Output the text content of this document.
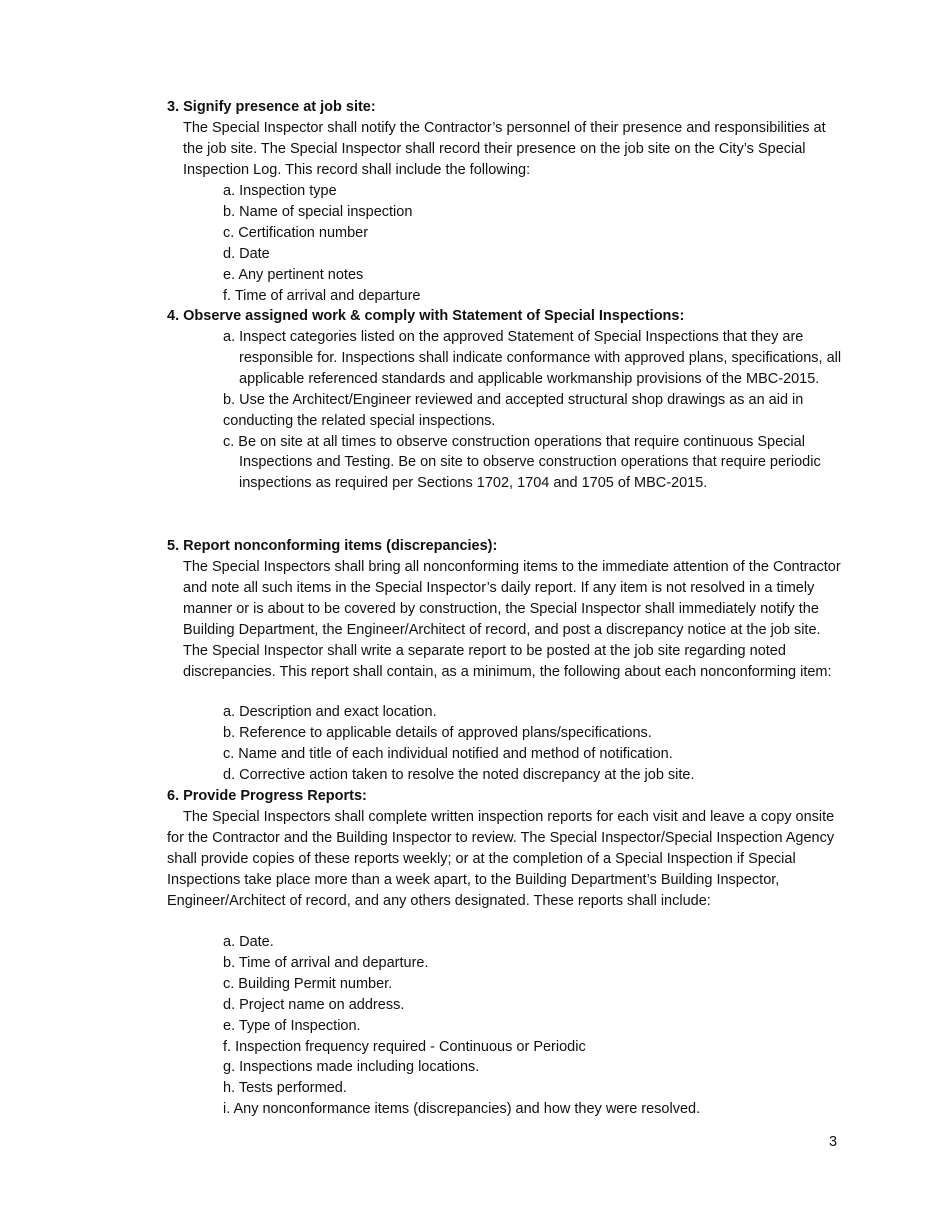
3. Signify presence at job site:

The Special Inspector shall notify the Contractor’s personnel of their presence and responsibilities at the job site. The Special Inspector shall record their presence on the job site on the City’s Special Inspection Log. This record shall include the following:

a. Inspection type
b. Name of special inspection
c. Certification number
d. Date
e. Any pertinent notes
f. Time of arrival and departure
4. Observe assigned work & comply with Statement of Special Inspections:
a. Inspect categories listed on the approved Statement of Special Inspections that they are responsible for. Inspections shall indicate conformance with approved plans, specifications, all applicable referenced standards and applicable workmanship provisions of the MBC-2015.
b. Use the Architect/Engineer reviewed and accepted structural shop drawings as an aid in conducting the related special inspections.
c. Be on site at all times to observe construction operations that require continuous Special Inspections and Testing. Be on site to observe construction operations that require periodic inspections as required per Sections 1702, 1704 and 1705 of MBC-2015.
5. Report nonconforming items (discrepancies):

The Special Inspectors shall bring all nonconforming items to the immediate attention of the Contractor and note all such items in the Special Inspector’s daily report. If any item is not resolved in a timely manner or is about to be covered by construction, the Special Inspector shall immediately notify the Building Department, the Engineer/Architect of record, and post a discrepancy notice at the job site. The Special Inspector shall write a separate report to be posted at the job site regarding noted discrepancies. This report shall contain, as a minimum, the following about each nonconforming item:

a. Description and exact location.
b. Reference to applicable details of approved plans/specifications.
c. Name and title of each individual notified and method of notification.
d. Corrective action taken to resolve the noted discrepancy at the job site.
6. Provide Progress Reports:

The Special Inspectors shall complete written inspection reports for each visit and leave a copy onsite for the Contractor and the Building Inspector to review. The Special Inspector/Special Inspection Agency shall provide copies of these reports weekly; or at the completion of a Special Inspection if Special Inspections take place more than a week apart, to the Building Department’s Building Inspector, Engineer/Architect of record, and any others designated. These reports shall include:

a. Date.
b. Time of arrival and departure.
c. Building Permit number.
d. Project name on address.
e. Type of Inspection.
f. Inspection frequency required - Continuous or Periodic
g. Inspections made including locations.
h. Tests performed.
i. Any nonconformance items (discrepancies) and how they were resolved.
3
